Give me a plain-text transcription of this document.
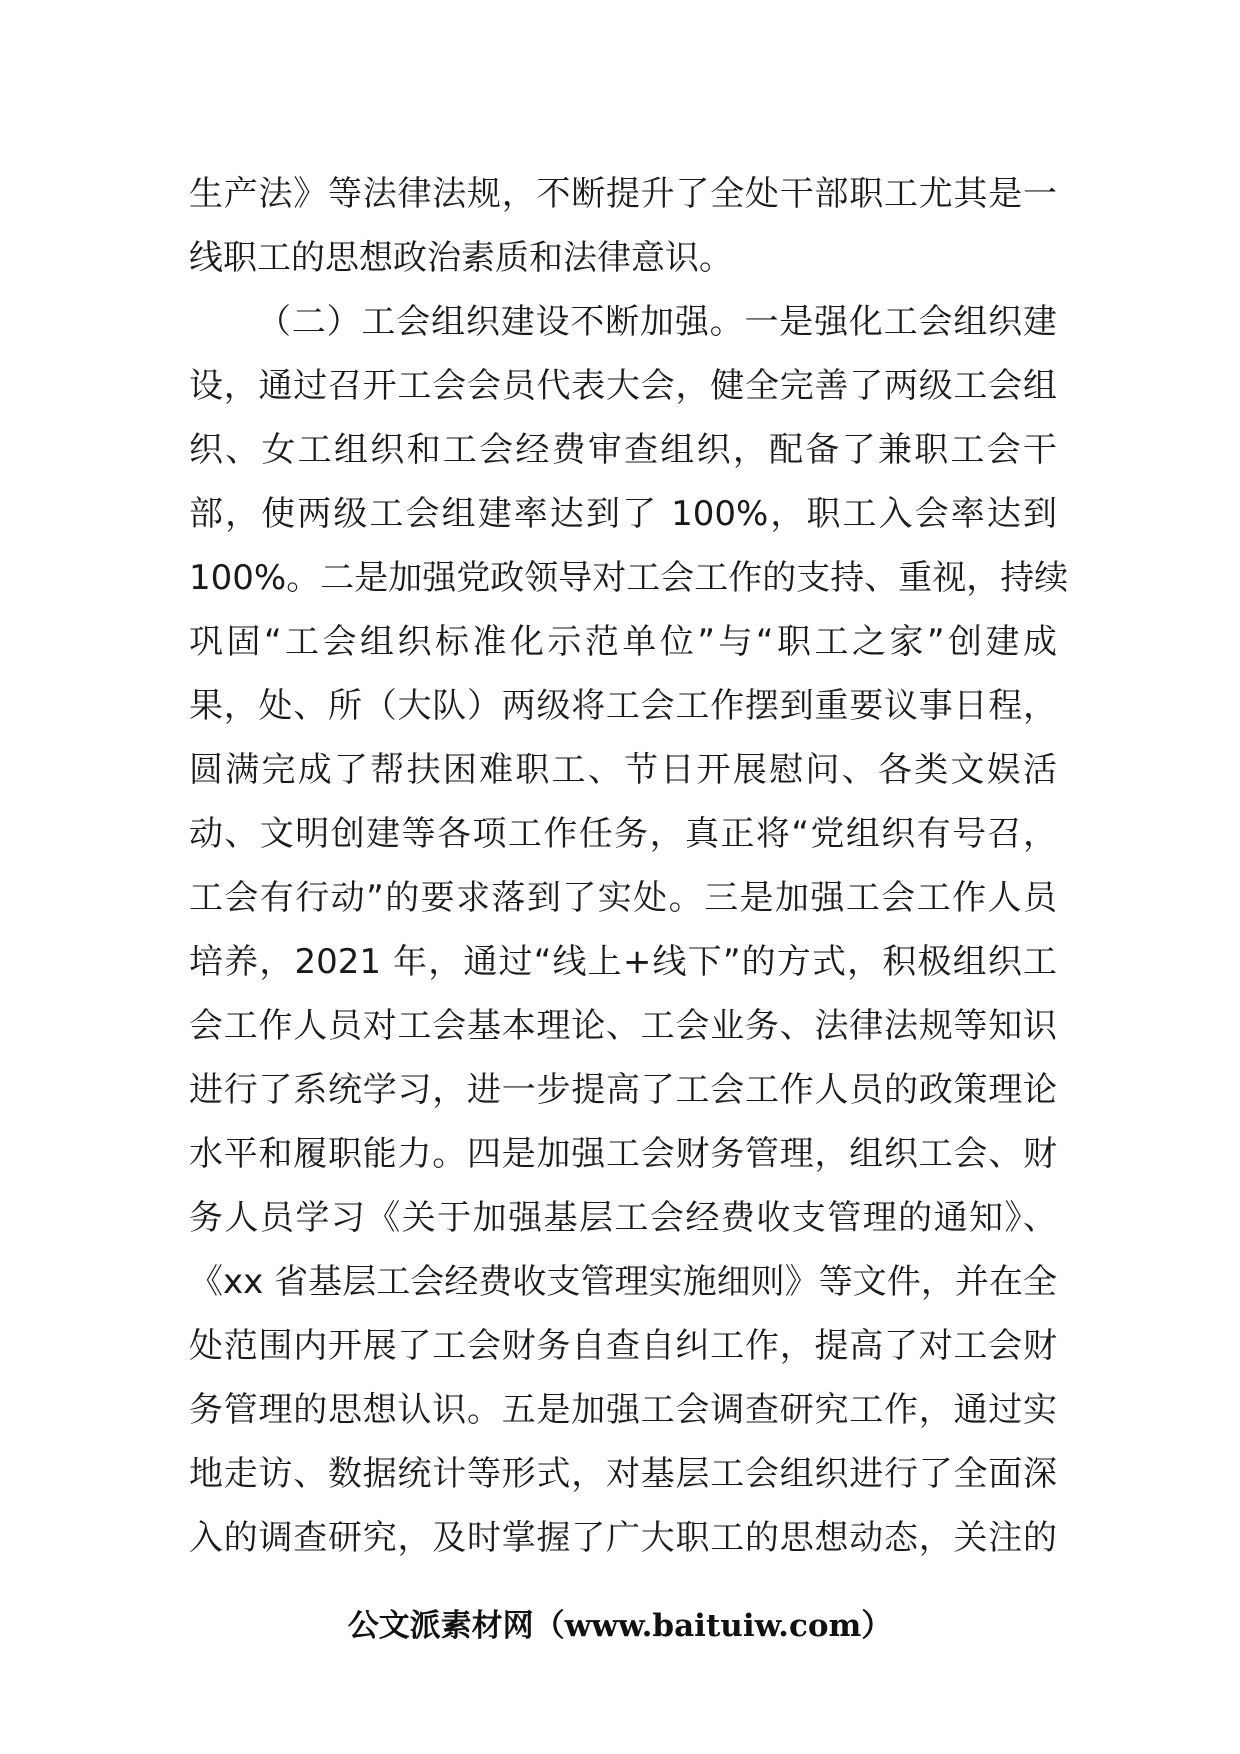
生产法》等法律法规，不断提升了全处干部职工尤其是一
线职工的思想政治素质和法律意识。
（二）工会组织建设不断加强。一是强化工会组织建
设，通过召开工会会员代表大会，健全完善了两级工会组
织、女工组织和工会经费审查组织，配备了兼职工会干
部，使两级工会组建率达到了 100%，职工入会率达到
100%。二是加强党政领导对工会工作的支持、重视，持续
巩固“工会组织标准化示范单位”与“职工之家”创建成
果，处、所（大队）两级将工会工作摆到重要议事日程，
圆满完成了帮扶困难职工、节日开展慰问、各类文娱活
动、文明创建等各项工作任务，真正将“党组织有号召，
工会有行动”的要求落到了实处。三是加强工会工作人员
培养，2021 年，通过“线上+线下”的方式，积极组织工
会工作人员对工会基本理论、工会业务、法律法规等知识
进行了系统学习，进一步提高了工会工作人员的政策理论
水平和履职能力。四是加强工会财务管理，组织工会、财
务人员学习《关于加强基层工会经费收支管理的通知》、
《xx 省基层工会经费收支管理实施细则》等文件，并在全
处范围内开展了工会财务自查自纠工作，提高了对工会财
务管理的思想认识。五是加强工会调查研究工作，通过实
地走访、数据统计等形式，对基层工会组织进行了全面深
入的调查研究，及时掌握了广大职工的思想动态，关注的
公文派素材网（www.baituiw.com）
